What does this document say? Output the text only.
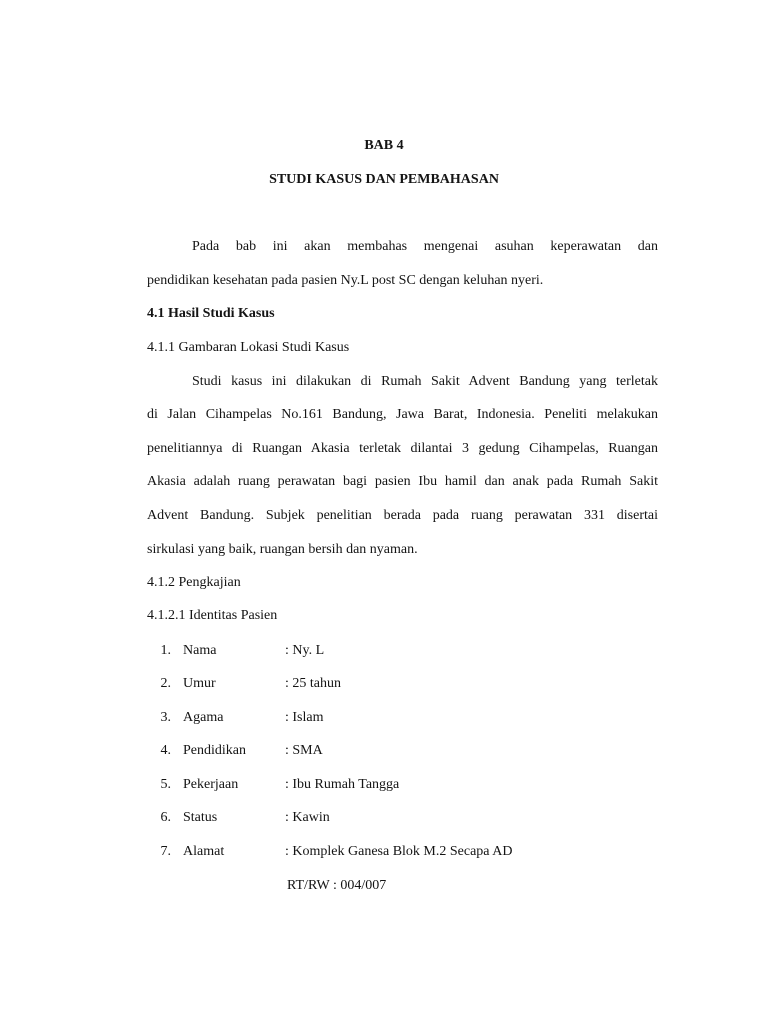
BAB 4
STUDI KASUS DAN PEMBAHASAN
Pada bab ini akan membahas mengenai asuhan keperawatan dan
pendidikan kesehatan pada pasien Ny.L post SC dengan keluhan nyeri.
4.1 Hasil Studi Kasus
4.1.1 Gambaran Lokasi Studi Kasus
Studi kasus ini dilakukan di Rumah Sakit Advent Bandung yang terletak
di Jalan Cihampelas No.161 Bandung, Jawa Barat, Indonesia. Peneliti melakukan
penelitiannya di Ruangan Akasia terletak dilantai 3 gedung Cihampelas, Ruangan
Akasia adalah ruang perawatan bagi pasien Ibu hamil dan anak pada Rumah Sakit
Advent Bandung. Subjek penelitian berada pada ruang perawatan 331 disertai
sirkulasi yang baik, ruangan bersih dan nyaman.
4.1.2 Pengkajian
4.1.2.1 Identitas Pasien
1. Nama	: Ny. L
2. Umur	: 25 tahun
3. Agama	: Islam
4. Pendidikan	: SMA
5. Pekerjaan	: Ibu Rumah Tangga
6. Status	: Kawin
7. Alamat	: Komplek Ganesa Blok M.2 Secapa AD
RT/RW : 004/007
